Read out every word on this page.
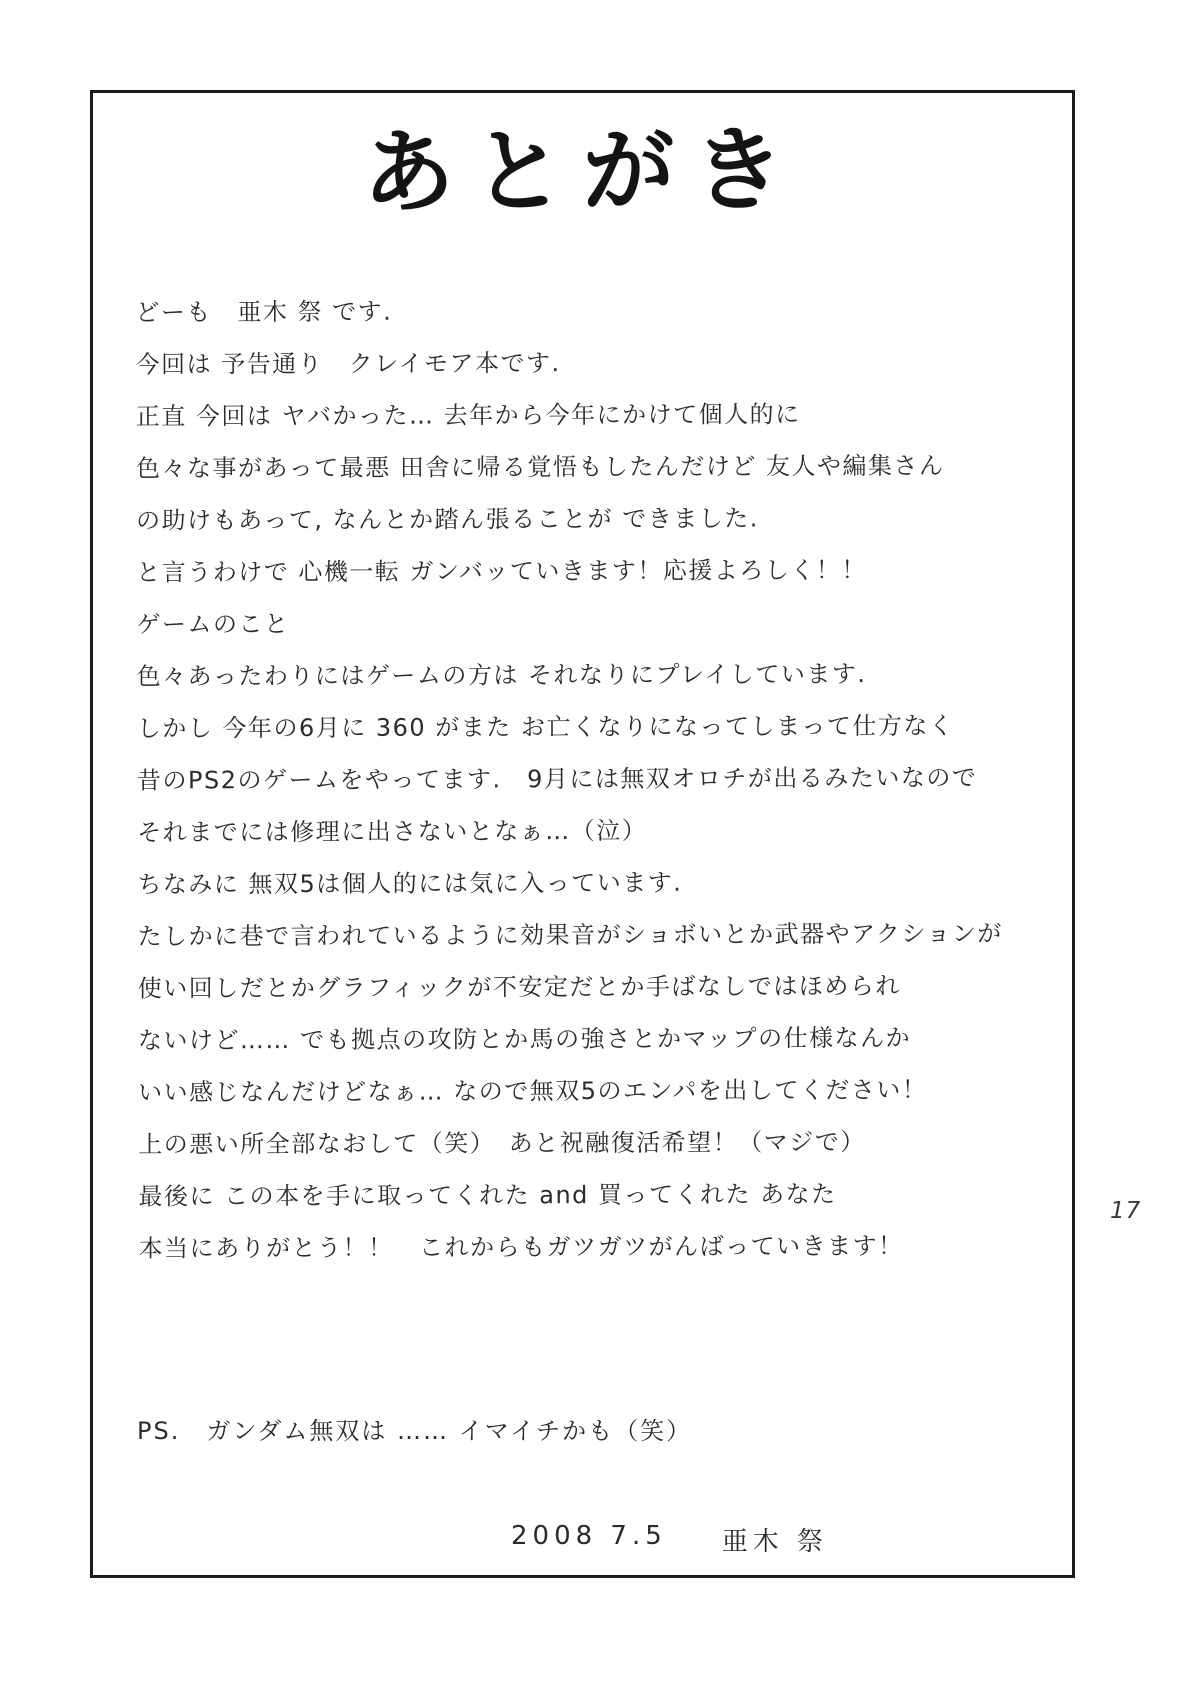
あとがき
どーも　亜木 祭 です.
今回は 予告通り　クレイモア本です.
正直 今回は ヤバかった… 去年から今年にかけて個人的に
色々な事があって最悪 田舎に帰る覚悟もしたんだけど 友人や編集さん
の助けもあって, なんとか踏ん張ることが できました.
と言うわけで 心機一転 ガンバッていきます！応援よろしく！！
ゲームのこと
色々あったわりにはゲームの方は それなりにプレイしています.
しかし 今年の6月に 360 がまた お亡くなりになってしまって仕方なく
昔のPS2のゲームをやってます.　9月には無双オロチが出るみたいなので
それまでには修理に出さないとなぁ…（泣）
ちなみに 無双5は個人的には気に入っています.
たしかに巷で言われているように効果音がショボいとか武器やアクションが
使い回しだとかグラフィックが不安定だとか手ばなしではほめられ
ないけど…… でも拠点の攻防とか馬の強さとかマップの仕様なんか
いい感じなんだけどなぁ… なので無双5のエンパを出してください！
上の悪い所全部なおして（笑）　あと祝融復活希望！（マジで）
最後に この本を手に取ってくれた and 買ってくれた あなた
本当にありがとう！！　これからもガツガツがんばっていきます！
PS.　ガンダム無双は …… イマイチかも（笑）
2008 7.5 亜木 祭
17
